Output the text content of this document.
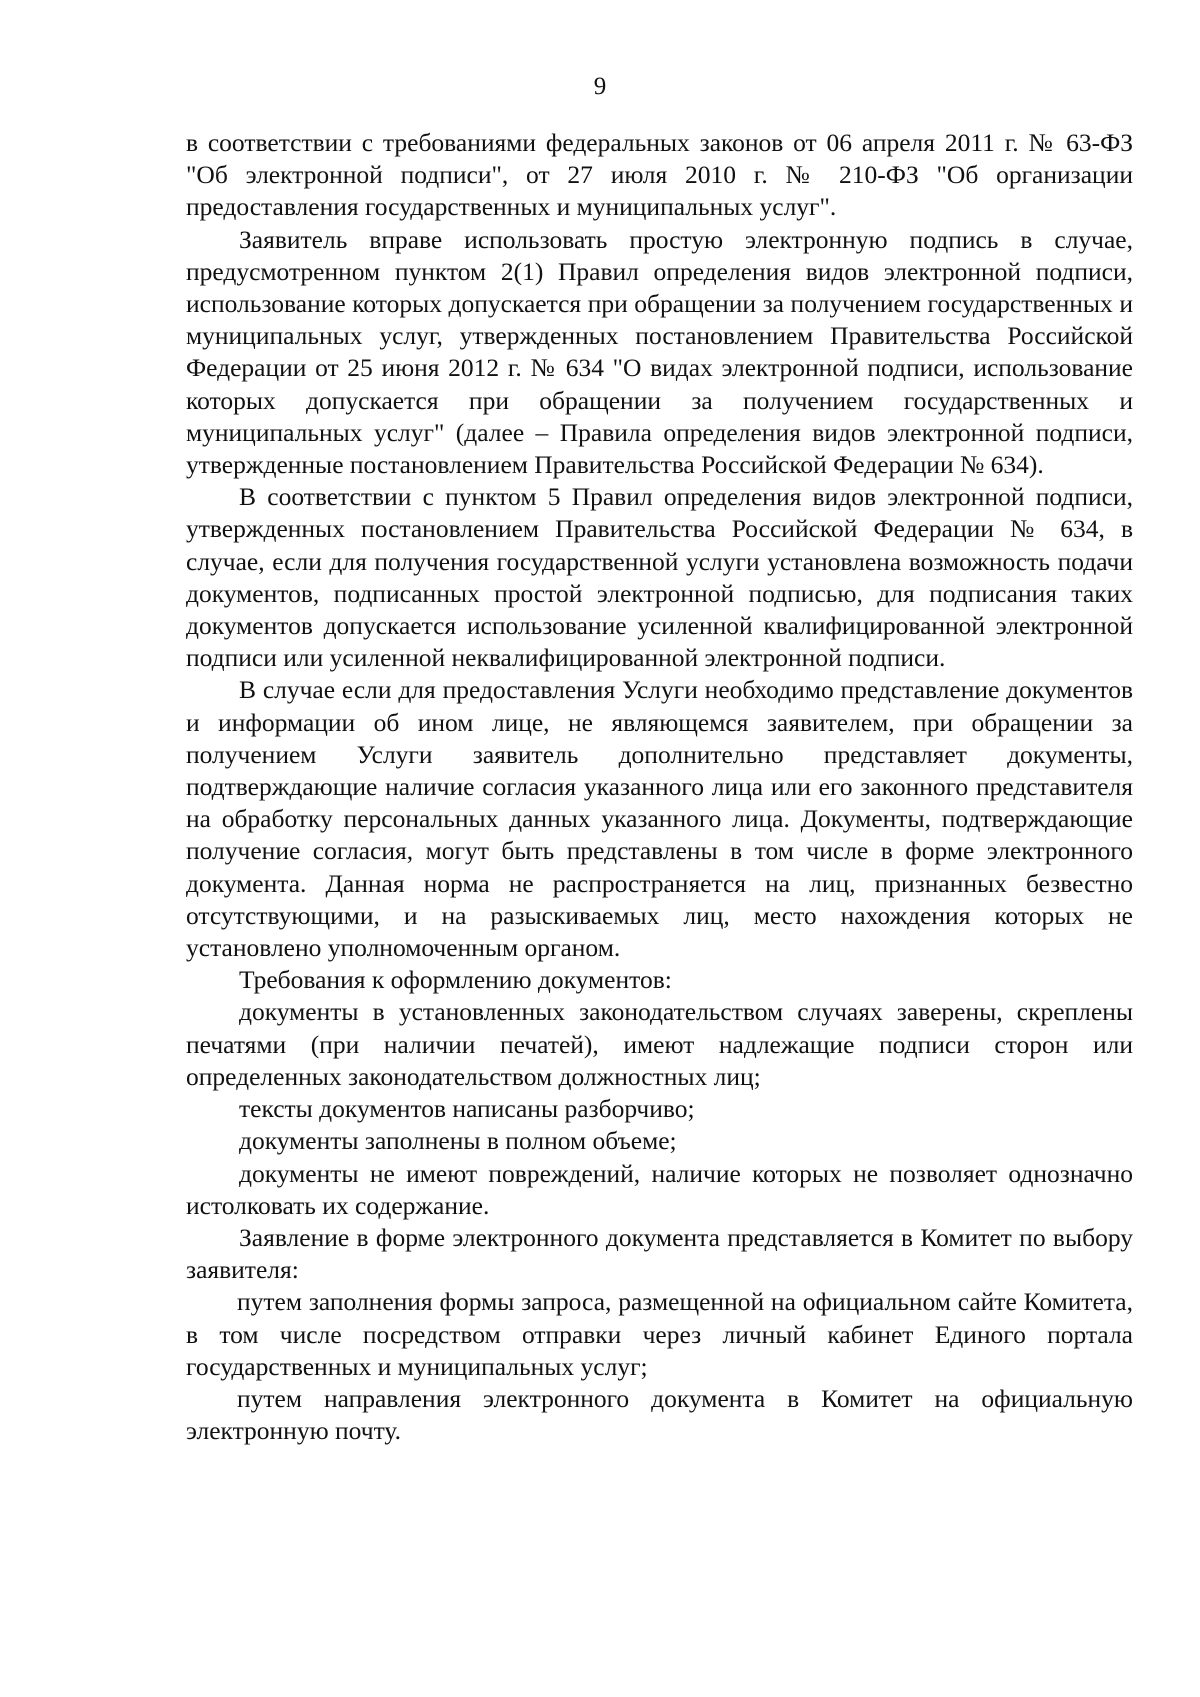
9

в соответствии с требованиями федеральных законов от 06 апреля 2011 г. № 63-ФЗ "Об электронной подписи", от 27 июля 2010 г. № 210-ФЗ "Об организации предоставления государственных и муниципальных услуг".

Заявитель вправе использовать простую электронную подпись в случае, предусмотренном пунктом 2(1) Правил определения видов электронной подписи, использование которых допускается при обращении за получением государственных и муниципальных услуг, утвержденных постановлением Правительства Российской Федерации от 25 июня 2012 г. № 634 "О видах электронной подписи, использование которых допускается при обращении за получением государственных и муниципальных услуг" (далее – Правила определения видов электронной подписи, утвержденные постановлением Правительства Российской Федерации № 634).

В соответствии с пунктом 5 Правил определения видов электронной подписи, утвержденных постановлением Правительства Российской Федерации № 634, в случае, если для получения государственной услуги установлена возможность подачи документов, подписанных простой электронной подписью, для подписания таких документов допускается использование усиленной квалифицированной электронной подписи или усиленной неквалифицированной электронной подписи.

В случае если для предоставления Услуги необходимо представление документов и информации об ином лице, не являющемся заявителем, при обращении за получением Услуги заявитель дополнительно представляет документы, подтверждающие наличие согласия указанного лица или его законного представителя на обработку персональных данных указанного лица. Документы, подтверждающие получение согласия, могут быть представлены в том числе в форме электронного документа. Данная норма не распространяется на лиц, признанных безвестно отсутствующими, и на разыскиваемых лиц, место нахождения которых не установлено уполномоченным органом.

Требования к оформлению документов:

документы в установленных законодательством случаях заверены, скреплены печатями (при наличии печатей), имеют надлежащие подписи сторон или определенных законодательством должностных лиц;

тексты документов написаны разборчиво;

документы заполнены в полном объеме;

документы не имеют повреждений, наличие которых не позволяет однозначно истолковать их содержание.

Заявление в форме электронного документа представляется в Комитет по выбору заявителя:

путем заполнения формы запроса, размещенной на официальном сайте Комитета, в том числе посредством отправки через личный кабинет Единого портала государственных и муниципальных услуг;

путем направления электронного документа в Комитет на официальную электронную почту.
